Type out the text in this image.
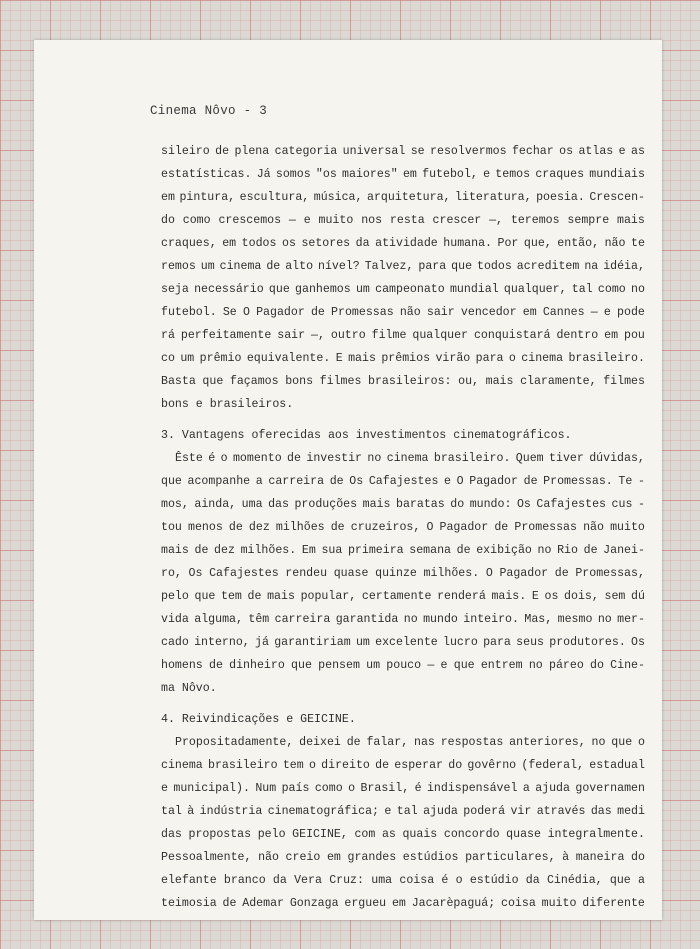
Cinema Nôvo - 3
sileiro de plena categoria universal se resolvermos fechar os atlas e as
estatísticas. Já somos "os maiores" em futebol, e temos craques mundiais
em pintura, escultura, música, arquitetura, literatura, poesia. Crescen-
do como crescemos — e muito nos resta crescer —, teremos sempre mais
craques, em todos os setores da atividade humana. Por que, então, não te
remos um cinema de alto nível? Talvez, para que todos acreditem na idéia,
seja necessário que ganhemos um campeonato mundial qualquer, tal como no
futebol. Se O Pagador de Promessas não sair vencedor em Cannes — e pode
rá perfeitamente sair —, outro filme qualquer conquistará dentro em pou
co um prêmio equivalente. E mais prêmios virão para o cinema brasileiro.
Basta que façamos bons filmes brasileiros: ou, mais claramente, filmes
bons e brasileiros.
3. Vantagens oferecidas aos investimentos cinematográficos.
Êste é o momento de investir no cinema brasileiro. Quem tiver dúvidas,
que acompanhe a carreira de Os Cafajestes e O Pagador de Promessas. Te -
mos, ainda, uma das produções mais baratas do mundo: Os Cafajestes cus -
tou menos de dez milhões de cruzeiros, O Pagador de Promessas não muito
mais de dez milhões. Em sua primeira semana de exibição no Rio de Janei-
ro, Os Cafajestes rendeu quase quinze milhões. O Pagador de Promessas,
pelo que tem de mais popular, certamente renderá mais. E os dois, sem dú
vida alguma, têm carreira garantida no mundo inteiro. Mas, mesmo no mer-
cado interno, já garantiriam um excelente lucro para seus produtores. Os
homens de dinheiro que pensem um pouco — e que entrem no páreo do Cine-
ma Nôvo.
4. Reivindicações e GEICINE.
Propositadamente, deixei de falar, nas respostas anteriores, no que o
cinema brasileiro tem o direito de esperar do govêrno (federal, estadual
e municipal). Num país como o Brasil, é indispensável a ajuda governamen
tal à indústria cinematográfica; e tal ajuda poderá vir através das medi
das propostas pelo GEICINE, com as quais concordo quase integralmente.
Pessoalmente, não creio em grandes estúdios particulares, à maneira do
elefante branco da Vera Cruz: uma coisa é o estúdio da Cinédia, que a
teimosia de Ademar Gonzaga ergueu em Jacarèpaguá; coisa muito diferente
